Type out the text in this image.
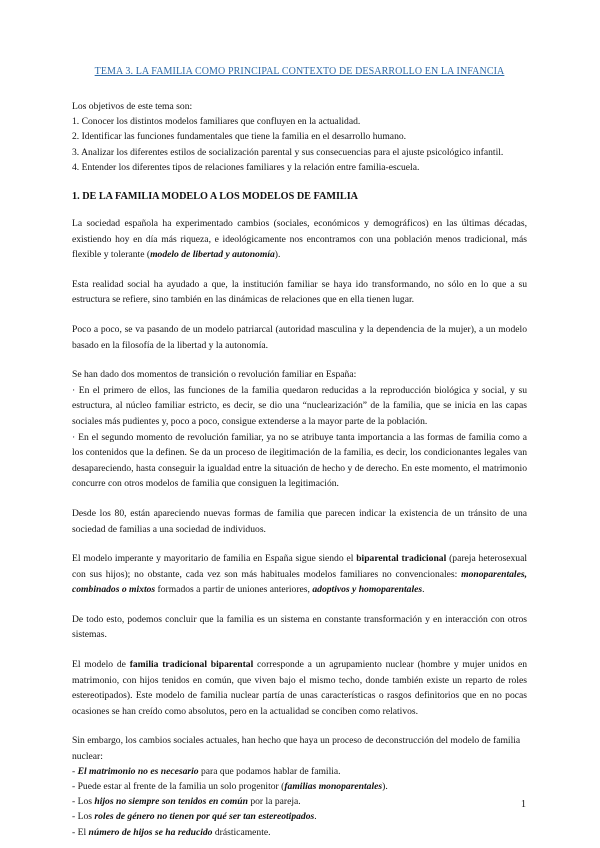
TEMA 3. LA FAMILIA COMO PRINCIPAL CONTEXTO DE DESARROLLO EN LA INFANCIA
Los objetivos de este tema son:
1. Conocer los distintos modelos familiares que confluyen en la actualidad.
2. Identificar las funciones fundamentales que tiene la familia en el desarrollo humano.
3. Analizar los diferentes estilos de socialización parental y sus consecuencias para el ajuste psicológico infantil.
4. Entender los diferentes tipos de relaciones familiares y la relación entre familia-escuela.
1. DE LA FAMILIA MODELO A LOS MODELOS DE FAMILIA

La sociedad española ha experimentado cambios (sociales, económicos y demográficos) en las últimas décadas, existiendo hoy en día más riqueza, e ideológicamente nos encontramos con una población menos tradicional, más flexible y tolerante (modelo de libertad y autonomía).

Esta realidad social ha ayudado a que, la institución familiar se haya ido transformando, no sólo en lo que a su estructura se refiere, sino también en las dinámicas de relaciones que en ella tienen lugar.

Poco a poco, se va pasando de un modelo patriarcal (autoridad masculina y la dependencia de la mujer), a un modelo basado en la filosofía de la libertad y la autonomía.

Se han dado dos momentos de transición o revolución familiar en España:
· En el primero de ellos, las funciones de la familia quedaron reducidas a la reproducción biológica y social, y su estructura, al núcleo familiar estricto, es decir, se dio una “nuclearización” de la familia, que se inicia en las capas sociales más pudientes y, poco a poco, consigue extenderse a la mayor parte de la población.
· En el segundo momento de revolución familiar, ya no se atribuye tanta importancia a las formas de familia como a los contenidos que la definen. Se da un proceso de ilegitimación de la familia, es decir, los condicionantes legales van desapareciendo, hasta conseguir la igualdad entre la situación de hecho y de derecho. En este momento, el matrimonio concurre con otros modelos de familia que consiguen la legitimación.

Desde los 80, están apareciendo nuevas formas de familia que parecen indicar la existencia de un tránsito de una sociedad de familias a una sociedad de individuos.

El modelo imperante y mayoritario de familia en España sigue siendo el biparental tradicional (pareja heterosexual con sus hijos); no obstante, cada vez son más habituales modelos familiares no convencionales: monoparentales, combinados o mixtos formados a partir de uniones anteriores, adoptivos y homoparentales.

De todo esto, podemos concluir que la familia es un sistema en constante transformación y en interacción con otros sistemas.

El modelo de familia tradicional biparental corresponde a un agrupamiento nuclear (hombre y mujer unidos en matrimonio, con hijos tenidos en común, que viven bajo el mismo techo, donde también existe un reparto de roles estereotipados). Este modelo de familia nuclear partía de unas características o rasgos definitorios que en no pocas ocasiones se han creído como absolutos, pero en la actualidad se conciben como relativos.

Sin embargo, los cambios sociales actuales, han hecho que haya un proceso de deconstrucción del modelo de familia nuclear:
- El matrimonio no es necesario para que podamos hablar de familia.
- Puede estar al frente de la familia un solo progenitor (familias monoparentales).
- Los hijos no siempre son tenidos en común por la pareja.
- Los roles de género no tienen por qué ser tan estereotipados.
- El número de hijos se ha reducido drásticamente.
1
